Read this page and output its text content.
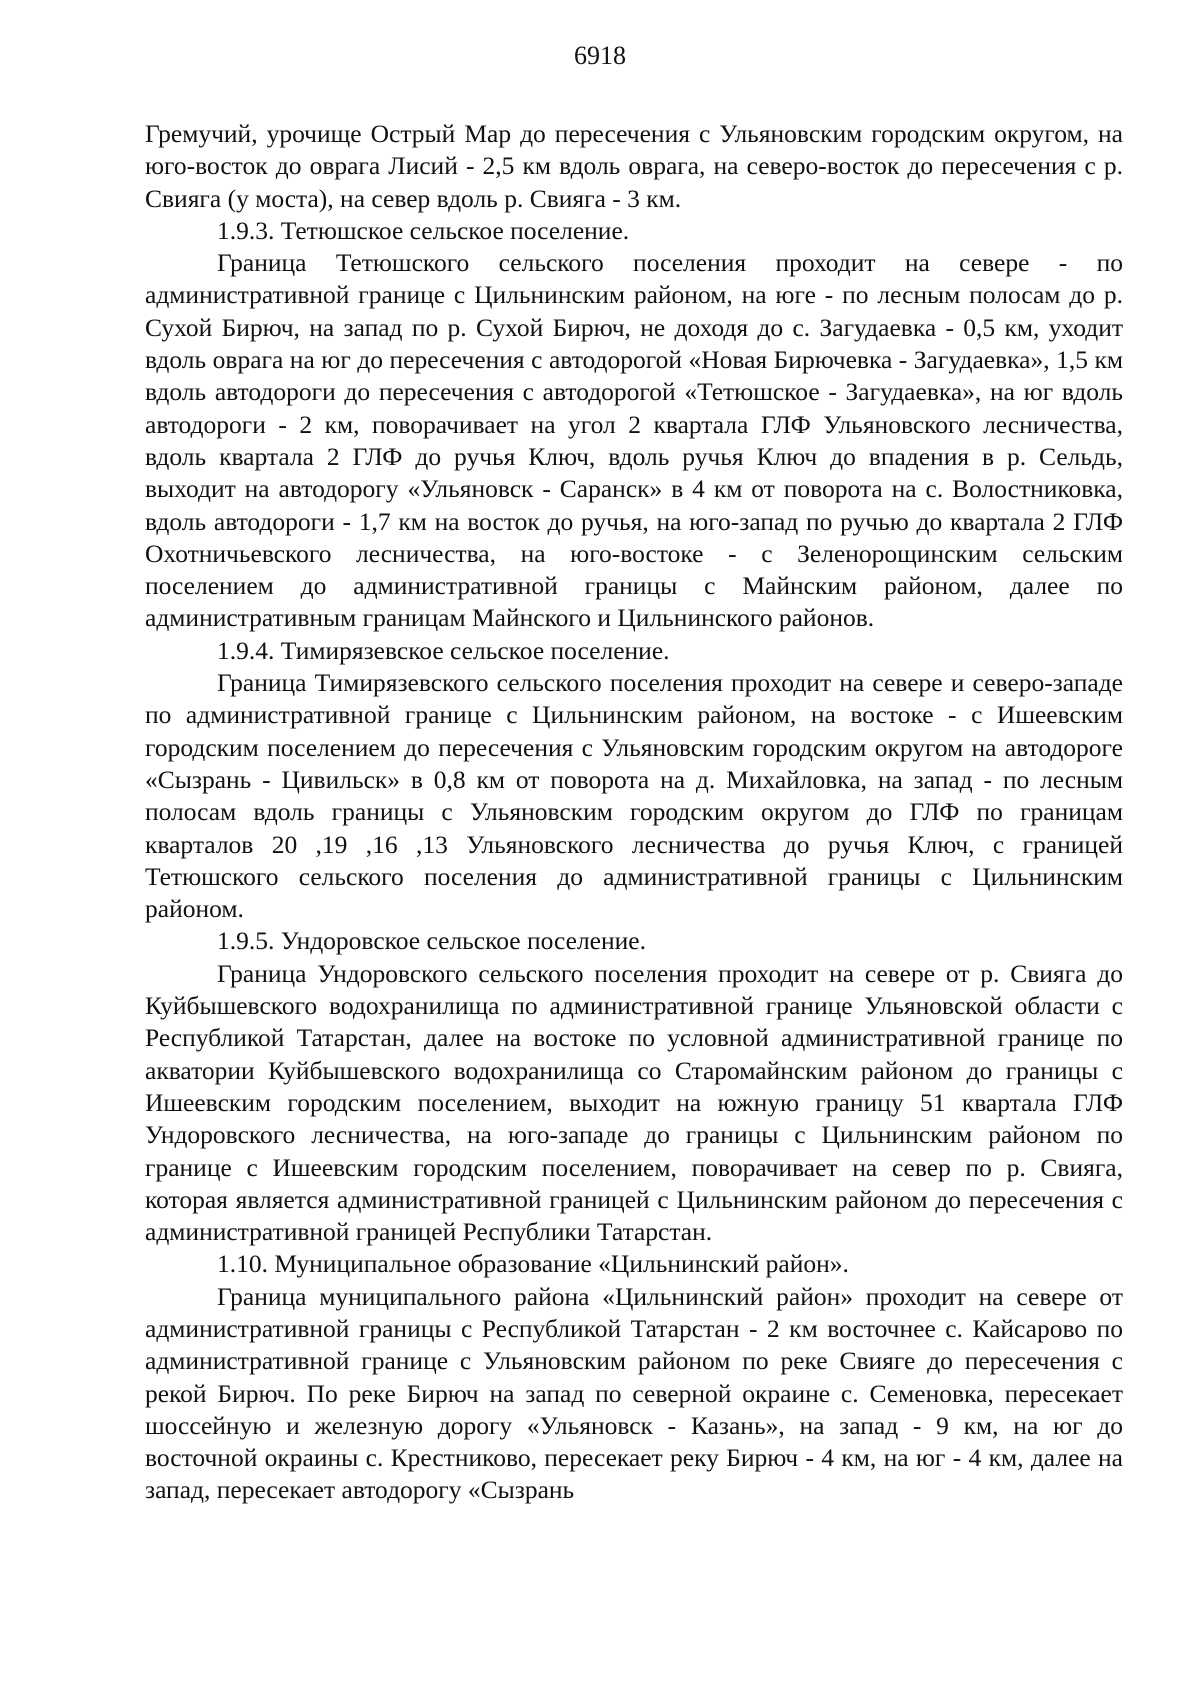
6918

Гремучий, урочище Острый Мар до пересечения с Ульяновским городским округом, на юго-восток до оврага Лисий - 2,5 км вдоль оврага, на северо-восток до пересечения с р. Свияга (у моста), на север вдоль р. Свияга - 3 км.

1.9.3. Тетюшское сельское поселение.

Граница Тетюшского сельского поселения проходит на севере - по административной границе с Цильнинским районом, на юге - по лесным полосам до р. Сухой Бирюч, на запад по р. Сухой Бирюч, не доходя до с. Загудаевка - 0,5 км, уходит вдоль оврага на юг до пересечения с автодорогой «Новая Бирючевка - Загудаевка», 1,5 км вдоль автодороги до пересечения с автодорогой «Тетюшское - Загудаевка», на юг вдоль автодороги - 2 км, поворачивает на угол 2 квартала ГЛФ Ульяновского лесничества, вдоль квартала 2 ГЛФ до ручья Ключ, вдоль ручья Ключ до впадения в р. Сельдь, выходит на автодорогу «Ульяновск - Саранск» в 4 км от поворота на с. Волостниковка, вдоль автодороги - 1,7 км на восток до ручья, на юго-запад по ручью до квартала 2 ГЛФ Охотничьевского лесничества, на юго-востоке - с Зеленорощинским сельским поселением до административной границы с Майнским районом, далее по административным границам Майнского и Цильнинского районов.

1.9.4. Тимирязевское сельское поселение.

Граница Тимирязевского сельского поселения проходит на севере и северо-западе по административной границе с Цильнинским районом, на востоке - с Ишеевским городским поселением до пересечения с Ульяновским городским округом на автодороге «Сызрань - Цивильск» в 0,8 км от поворота на д. Михайловка, на запад - по лесным полосам вдоль границы с Ульяновским городским округом до ГЛФ по границам кварталов 20 ,19 ,16 ,13 Ульяновского лесничества до ручья Ключ, с границей Тетюшского сельского поселения до административной границы с Цильнинским районом.

1.9.5. Ундоровское сельское поселение.

Граница Ундоровского сельского поселения проходит на севере от р. Свияга до Куйбышевского водохранилища по административной границе Ульяновской области с Республикой Татарстан, далее на востоке по условной административной границе по акватории Куйбышевского водохранилища со Старомайнским районом до границы с Ишеевским городским поселением, выходит на южную границу 51 квартала ГЛФ Ундоровского лесничества, на юго-западе до границы с Цильнинским районом по границе с Ишеевским городским поселением, поворачивает на север по р. Свияга, которая является административной границей с Цильнинским районом до пересечения с административной границей Республики Татарстан.

1.10. Муниципальное образование «Цильнинский район».

Граница муниципального района «Цильнинский район» проходит на севере от административной границы с Республикой Татарстан - 2 км восточнее с. Кайсарово по административной границе с Ульяновским районом по реке Свияге до пересечения с рекой Бирюч. По реке Бирюч на запад по северной окраине с. Семеновка, пересекает шоссейную и железную дорогу «Ульяновск - Казань», на запад - 9 км, на юг до восточной окраины с. Крестниково, пересекает реку Бирюч - 4 км, на юг - 4 км, далее на запад, пересекает автодорогу «Сызрань
